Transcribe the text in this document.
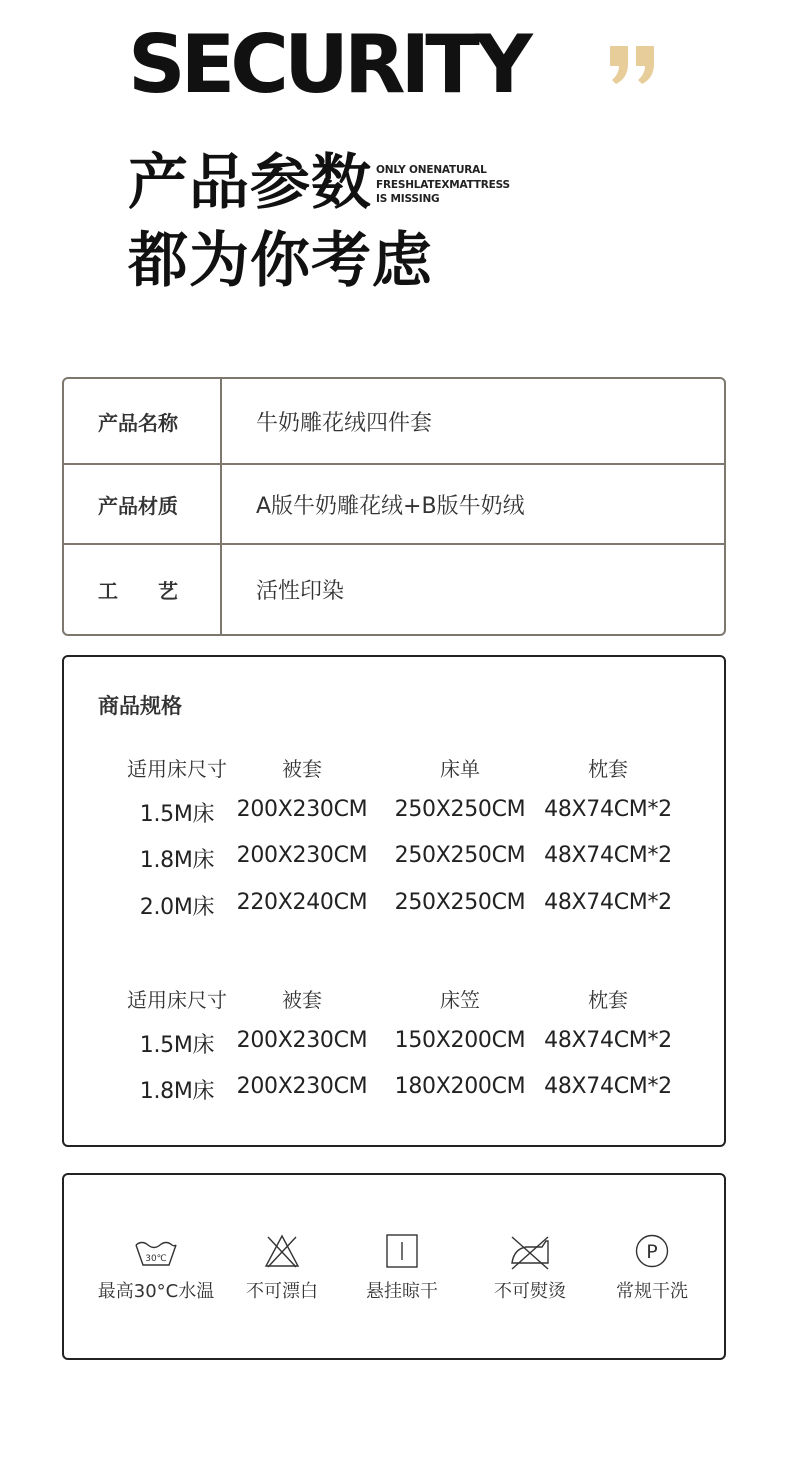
SECURITY
产品参数 ONLY ONENATURAL
FRESHLATEXMATTRESS
IS MISSING
都为你考虑
产品名称	牛奶雕花绒四件套
产品材质	A版牛奶雕花绒+B版牛奶绒
工艺	活性印染
商品规格
适用床尺寸	被套	床单	枕套
1.5M床	200X230CM	250X250CM 48X74CM*2
1.8M床	200X230CM	250X250CM 48X74CM*2
2.0M床	220X240CM	250X250CM 48X74CM*2
适用床尺寸	被套	床笠	枕套
1.5M床	200X230CM	150X200CM 48X74CM*2
1.8M床	200X230CM	180X200CM 48X74CM*2
30℃
最高30°C水温	不可漂白	悬挂晾干	不可熨烫
P
常规干洗
